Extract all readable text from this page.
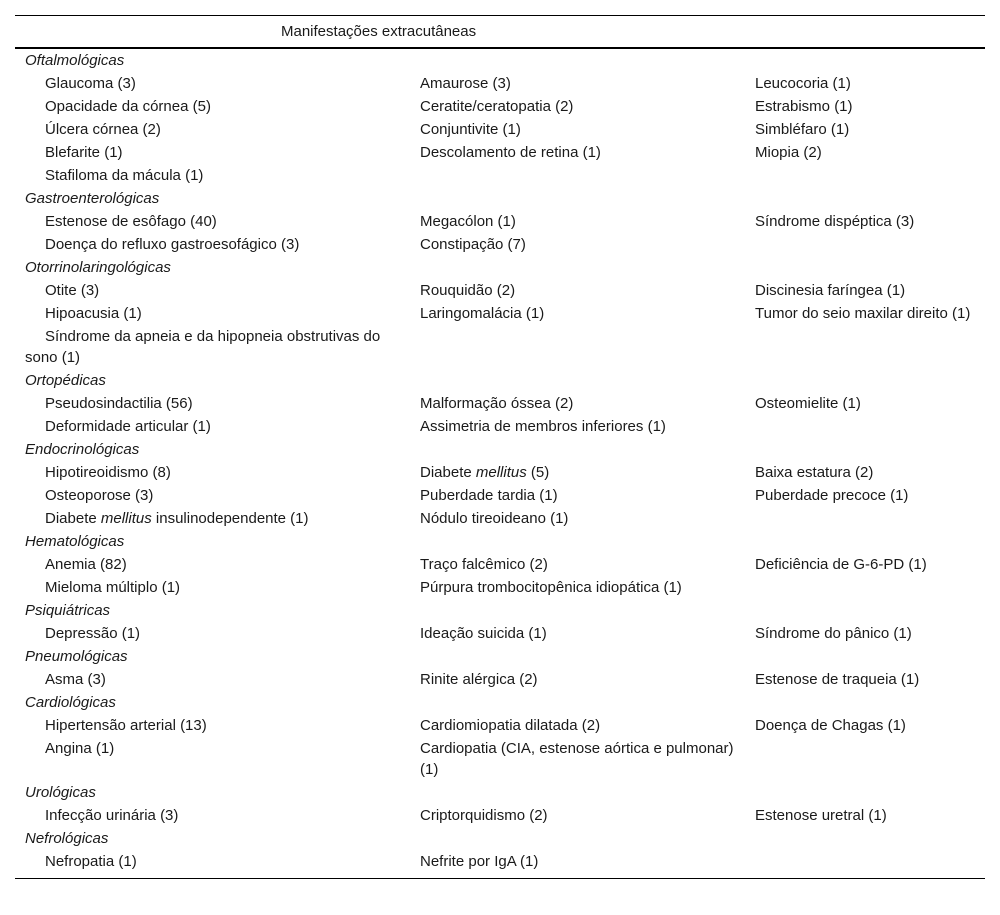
Manifestações extracutâneas		

Oftalmológicas		
Glaucoma (3)	Amaurose (3)	Leucocoria (1)
Opacidade da córnea (5)	Ceratite/ceratopatia (2)	Estrabismo (1)
Úlcera córnea (2)	Conjuntivite (1)	Simbléfaro (1)
Blefarite (1)	Descolamento de retina (1)	Miopia (2)
Stafiloma da mácula (1)		
Gastroenterológicas		
Estenose de esôfago (40)	Megacólon (1)	Síndrome dispéptica (3)
Doença do refluxo gastroesofágico (3)	Constipação (7)	
Otorrinolaringológicas		
Otite (3)	Rouquidão (2)	Discinesia faríngea (1)
Hipoacusia (1)	Laringomalácia (1)	Tumor do seio maxilar direito (1)
Síndrome da apneia e da hipopneia obstrutivas do sono (1)		
Ortopédicas		
Pseudosindactilia (56)	Malformação óssea (2)	Osteomielite (1)
Deformidade articular (1)	Assimetria de membros inferiores (1)	
Endocrinológicas		
Hipotireoidismo (8)	Diabete mellitus (5)	Baixa estatura (2)
Osteoporose (3)	Puberdade tardia (1)	Puberdade precoce (1)
Diabete mellitus insulinodependente (1)	Nódulo tireoideano (1)	
Hematológicas		
Anemia (82)	Traço falcêmico (2)	Deficiência de G-6-PD (1)
Mieloma múltiplo (1)	Púrpura trombocitopênica idiopática (1)	
Psiquiátricas		
Depressão (1)	Ideação suicida (1)	Síndrome do pânico (1)
Pneumológicas		
Asma (3)	Rinite alérgica (2)	Estenose de traqueia (1)
Cardiológicas		
Hipertensão arterial (13)	Cardiomiopatia dilatada (2)	Doença de Chagas (1)
Angina (1)	Cardiopatia (CIA, estenose aórtica e pulmonar) (1)	
Urológicas		
Infecção urinária (3)	Criptorquidismo (2)	Estenose uretral (1)
Nefrológicas		
Nefropatia (1)	Nefrite por IgA (1)	
